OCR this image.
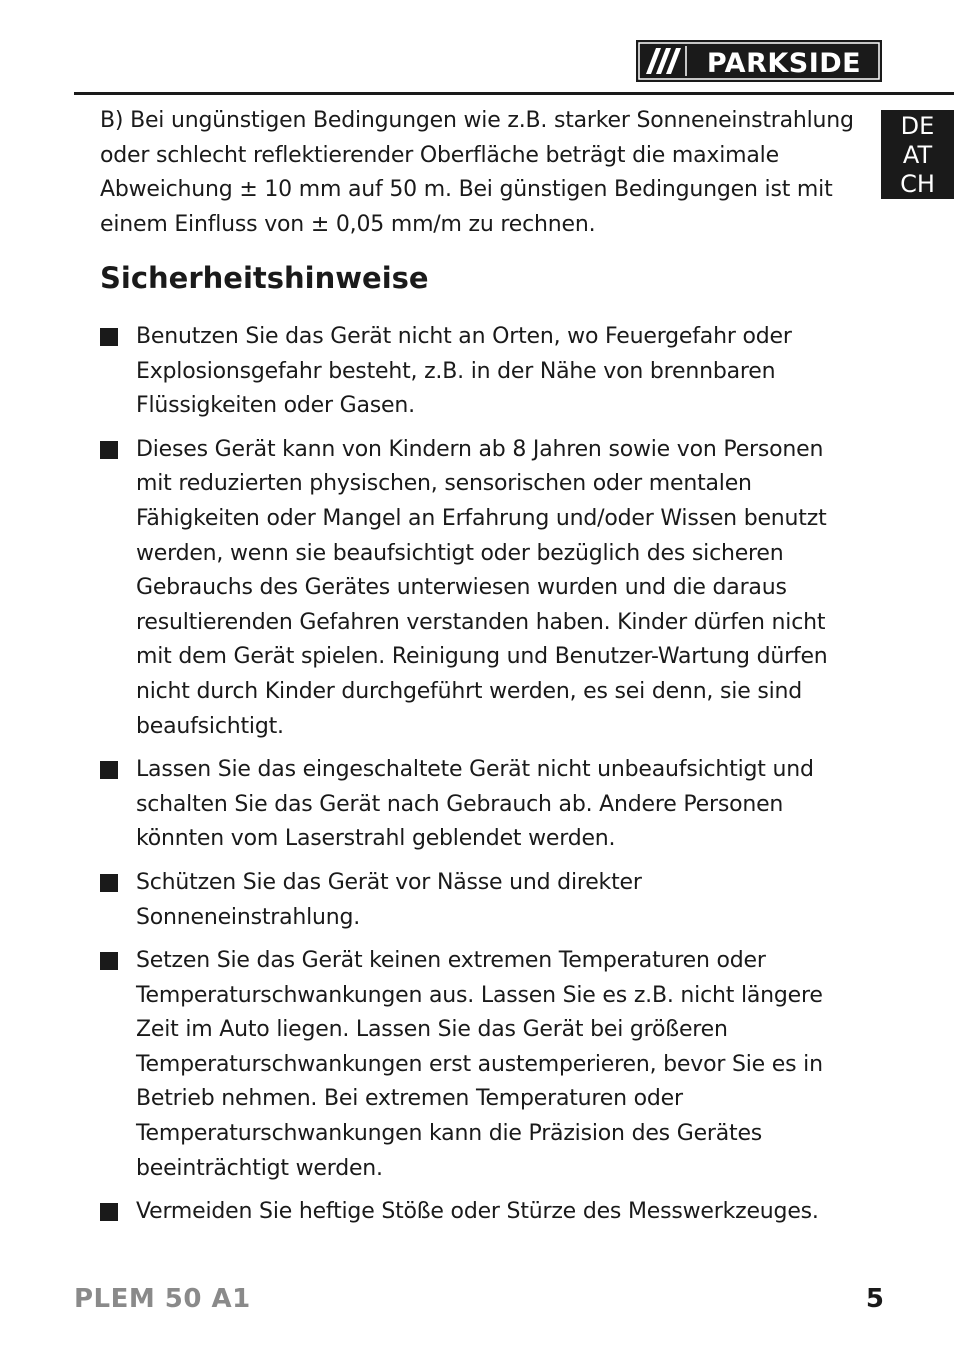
PARKSIDE
DE
AT
CH

B) Bei ungünstigen Bedingungen wie z.B. starker Sonneneinstrahlung oder schlecht reflektierender Oberfläche beträgt die maximale Abweichung ± 10 mm auf 50 m. Bei günstigen Bedingungen ist mit einem Einfluss von ± 0,05 mm/m zu rechnen.

Sicherheitshinweise
Benutzen Sie das Gerät nicht an Orten, wo Feuergefahr oder Explosionsgefahr besteht, z.B. in der Nähe von brennbaren Flüssigkeiten oder Gasen.
Dieses Gerät kann von Kindern ab 8 Jahren sowie von Personen mit reduzierten physischen, sensorischen oder mentalen Fähigkeiten oder Mangel an Erfahrung und/oder Wissen benutzt werden, wenn sie beaufsichtigt oder bezüglich des sicheren Gebrauchs des Gerätes unterwiesen wurden und die daraus resultierenden Gefahren verstanden haben. Kinder dürfen nicht mit dem Gerät spielen. Reinigung und Benutzer-Wartung dürfen nicht durch Kinder durchgeführt werden, es sei denn, sie sind beaufsichtigt.
Lassen Sie das eingeschaltete Gerät nicht unbeaufsichtigt und schalten Sie das Gerät nach Gebrauch ab. Andere Personen könnten vom Laserstrahl geblendet werden.
Schützen Sie das Gerät vor Nässe und direkter Sonneneinstrahlung.
Setzen Sie das Gerät keinen extremen Temperaturen oder Temperaturschwankungen aus. Lassen Sie es z.B. nicht längere Zeit im Auto liegen. Lassen Sie das Gerät bei größeren Temperaturschwankungen erst austemperieren, bevor Sie es in Betrieb nehmen. Bei extremen Temperaturen oder Temperaturschwankungen kann die Präzision des Gerätes beeinträchtigt werden.
Vermeiden Sie heftige Stöße oder Stürze des Messwerkzeuges.
PLEM 50 A1	5
